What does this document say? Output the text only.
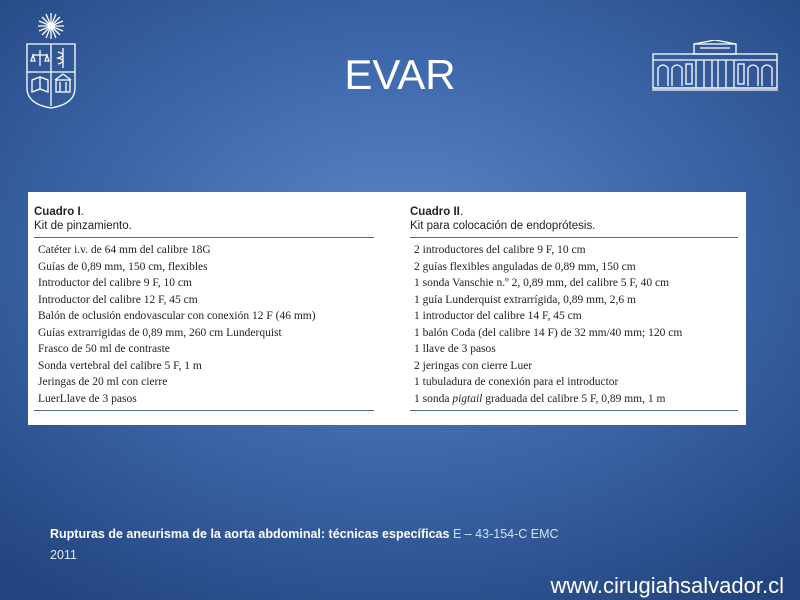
EVAR
Cuadro I.
Kit de pinzamiento.
Catéter i.v. de 64 mm del calibre 18G
Guías de 0,89 mm, 150 cm, flexibles
Introductor del calibre 9 F, 10 cm
Introductor del calibre 12 F, 45 cm
Balón de oclusión endovascular con conexión 12 F (46 mm)
Guías extrarrigidas de 0,89 mm, 260 cm Lunderquist
Frasco de 50 ml de contraste
Sonda vertebral del calibre 5 F, 1 m
Jeringas de 20 ml con cierre
LuerLlave de 3 pasos
Cuadro II.
Kit para colocación de endoprótesis.
2 introductores del calibre 9 F, 10 cm
2 guías flexibles anguladas de 0,89 mm, 150 cm
1 sonda Vanschie n.º 2, 0,89 mm, del calibre 5 F, 40 cm
1 guía Lunderquist extrarrígida, 0,89 mm, 2,6 m
1 introductor del calibre 14 F, 45 cm
1 balón Coda (del calibre 14 F) de 32 mm/40 mm; 120 cm
1 llave de 3 pasos
2 jeringas con cierre Luer
1 tubuladura de conexión para el introductor
1 sonda pigtail graduada del calibre 5 F, 0,89 mm, 1 m
Rupturas de aneurisma de la aorta abdominal: técnicas específicas E – 43-154-C EMC
2011
www.cirugiahsalvador.cl
